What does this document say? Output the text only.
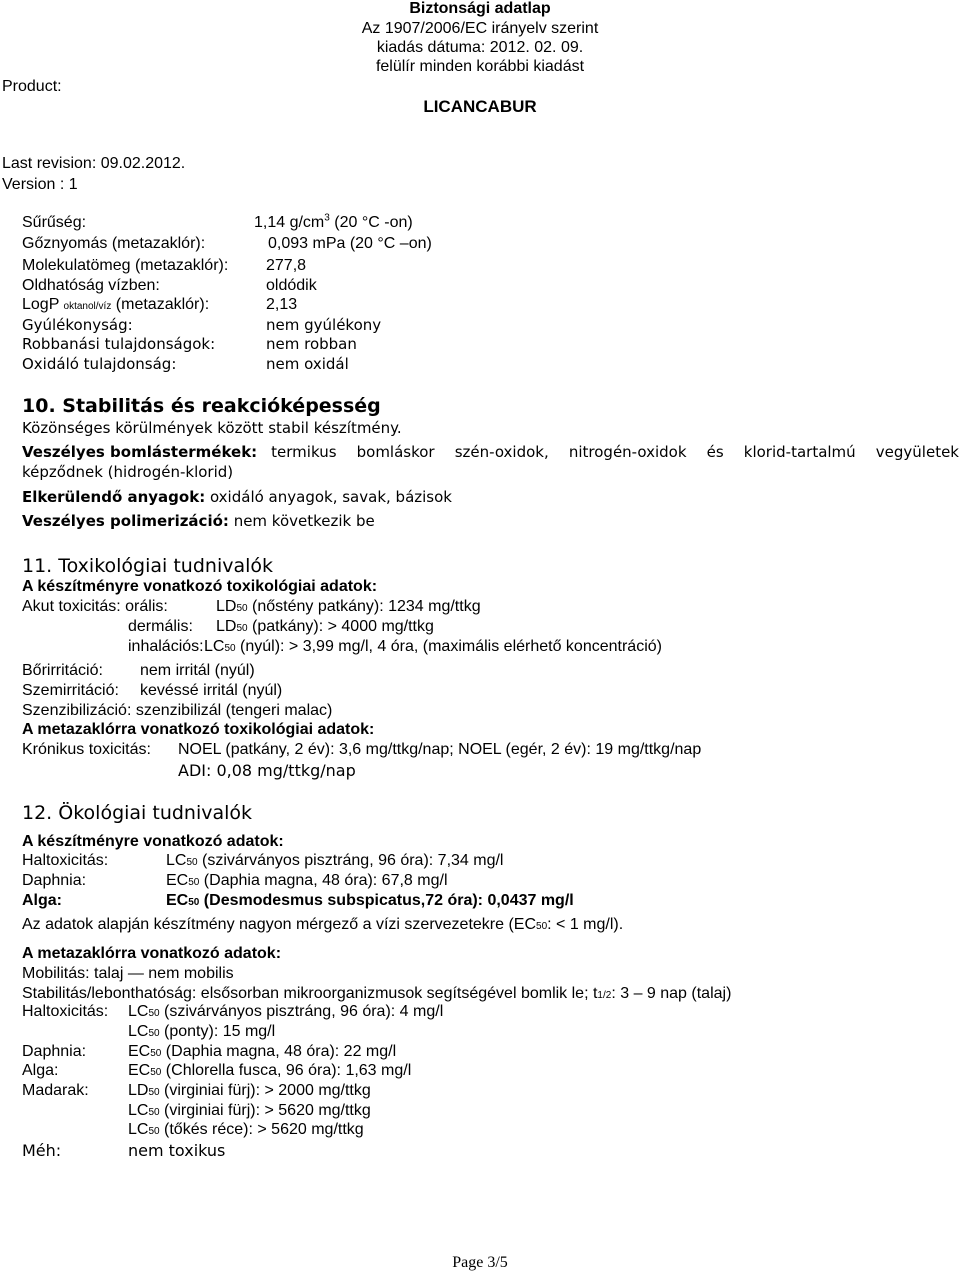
Biztonsági adatlap
Az 1907/2006/EC irányelv szerint
kiadás dátuma: 2012. 02. 09.
felülír minden korábbi kiadást
Product:
LICANCABUR
Last revision: 09.02.2012.
Version : 1
Sűrűség:	1,14 $g/cm^3$ (20 °C -on)
Gőznyomás (metazaklór):	0,093 mPa (20 °C –on)
Molekulatömeg (metazaklór): 277,8
Oldhatóság vízben:	oldódik
LogP oktanol/víz (metazaklór):	2,13
Gyúlékonyság:	nem gyúlékony
Robbanási tulajdonságok:	nem robban
Oxidáló tulajdonság:	nem oxidál
10. Stabilitás és reakcióképesség
Közönséges körülmények között stabil készítmény.
Veszélyes bomlástermékek: termikus bomláskor szén-oxidok, nitrogén-oxidok és klorid-tartalmú vegyületek
képződnek (hidrogén-klorid)
Elkerülendő anyagok: oxidáló anyagok, savak, bázisok
Veszélyes polimerizáció: nem következik be
11. Toxikológiai tudnivalók
A készítményre vonatkozó toxikológiai adatok:
Akut toxicitás: orális:	LD50 (nőstény patkány): 1234 mg/ttkg
dermális: LD50 (patkány): > 4000 mg/ttkg
inhalációs: LC50 (nyúl): > 3,99 mg/l, 4 óra, (maximális elérhető koncentráció)
Bőrirritáció: nem irritál (nyúl)
Szemirritáció: kevéssé irritál (nyúl)
Szenzibilizáció: szenzibilizál (tengeri malac)
A metazaklórra vonatkozó toxikológiai adatok:
Krónikus toxicitás: NOEL (patkány, 2 év): 3,6 mg/ttkg/nap; NOEL (egér, 2 év): 19 mg/ttkg/nap
ADI: 0,08 mg/ttkg/nap
12. Ökológiai tudnivalók
A készítményre vonatkozó adatok:
Haltoxicitás:	LC50 (szivárványos pisztráng, 96 óra): 7,34 mg/l
Daphnia:	EC50 (Daphia magna, 48 óra): 67,8 mg/l
Alga:	EC50 (Desmodesmus subspicatus,72 óra): 0,0437 mg/l
Az adatok alapján készítmény nagyon mérgező a vízi szervezetekre (EC50: < 1 mg/l).
A metazaklórra vonatkozó adatok:
Mobilitás: talaj — nem mobilis
Stabilitás/lebonthatóság: elsősorban mikroorganizmusok segítségével bomlik le; t1/2: 3 – 9 nap (talaj)
Haltoxicitás: LC50 (szivárványos pisztráng, 96 óra): 4 mg/l
LC50 (ponty): 15 mg/l
Daphnia:	EC50 (Daphia magna, 48 óra): 22 mg/l
Alga:	EC50 (Chlorella fusca, 96 óra): 1,63 mg/l
Madarak: LD50 (virginiai fürj): > 2000 mg/ttkg
LC50 (virginiai fürj): > 5620 mg/ttkg
LC50 (tőkés réce): > 5620 mg/ttkg
Méh:	nem toxikus
Page 3/5
